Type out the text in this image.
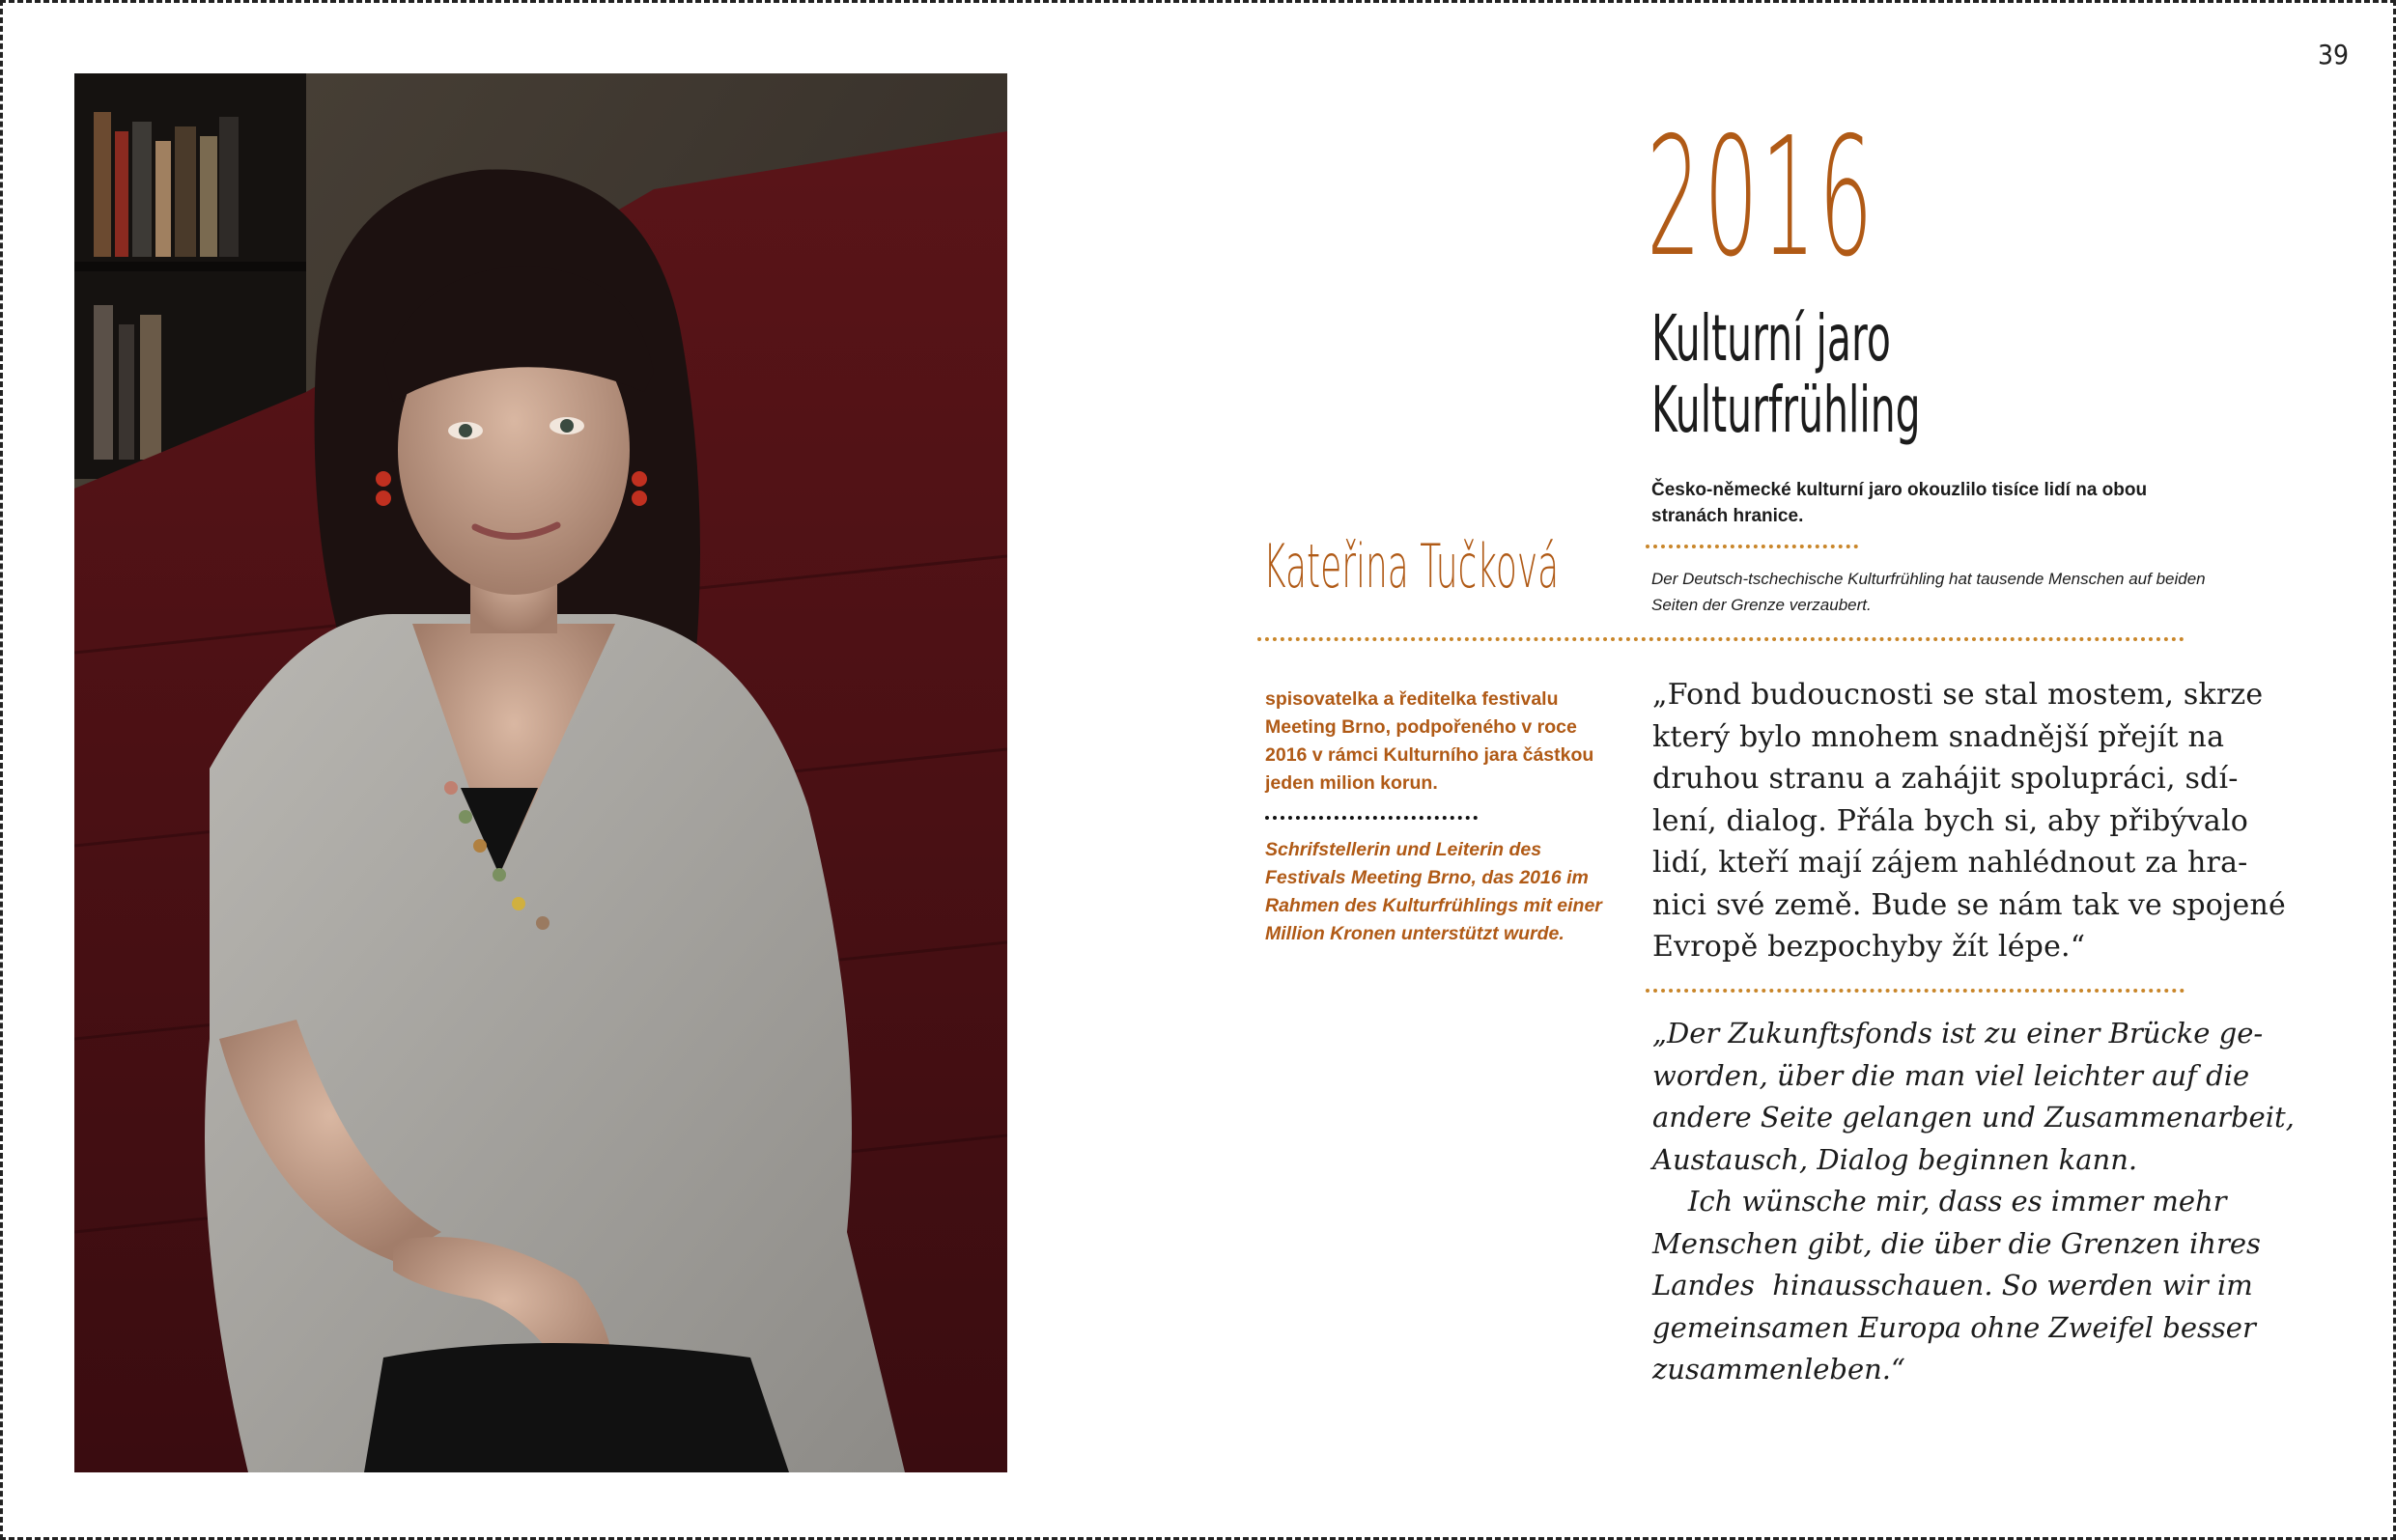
39
2016
Kulturní jaro
Kulturfrühling
Česko-německé kulturní jaro okouzlilo tisíce lidí na obou stranách hranice.
Der Deutsch-tschechische Kulturfrühling hat tausende Menschen auf beiden Seiten der Grenze verzaubert.
Kateřina Tučková
spisovatelka a ředitelka festivalu Meeting Brno, podpořeného v roce 2016 v rámci Kulturního jara částkou jeden milion korun.
Schrifstellerin und Leiterin des Festivals Meeting Brno, das 2016 im Rahmen des Kulturfrühlings mit einer Million Kronen unterstützt wurde.
„Fond budoucnosti se stal mostem, skrze
který bylo mnohem snadnější přejít na
druhou stranu a zahájit spolupráci, sdí-
lení, dialog. Přála bych si, aby přibývalo
lidí, kteří mají zájem nahlédnout za hra-
nici své země. Bude se nám tak ve spojené
Evropě bezpochyby žít lépe.“
„Der Zukunftsfonds ist zu einer Brücke ge-
worden, über die man viel leichter auf die
andere Seite gelangen und Zusammenarbeit,
Austausch, Dialog beginnen kann.
Ich wünsche mir, dass es immer mehr
Menschen gibt, die über die Grenzen ihres
Landes  hinausschauen. So werden wir im
gemeinsamen Europa ohne Zweifel besser
zusammenleben.“
